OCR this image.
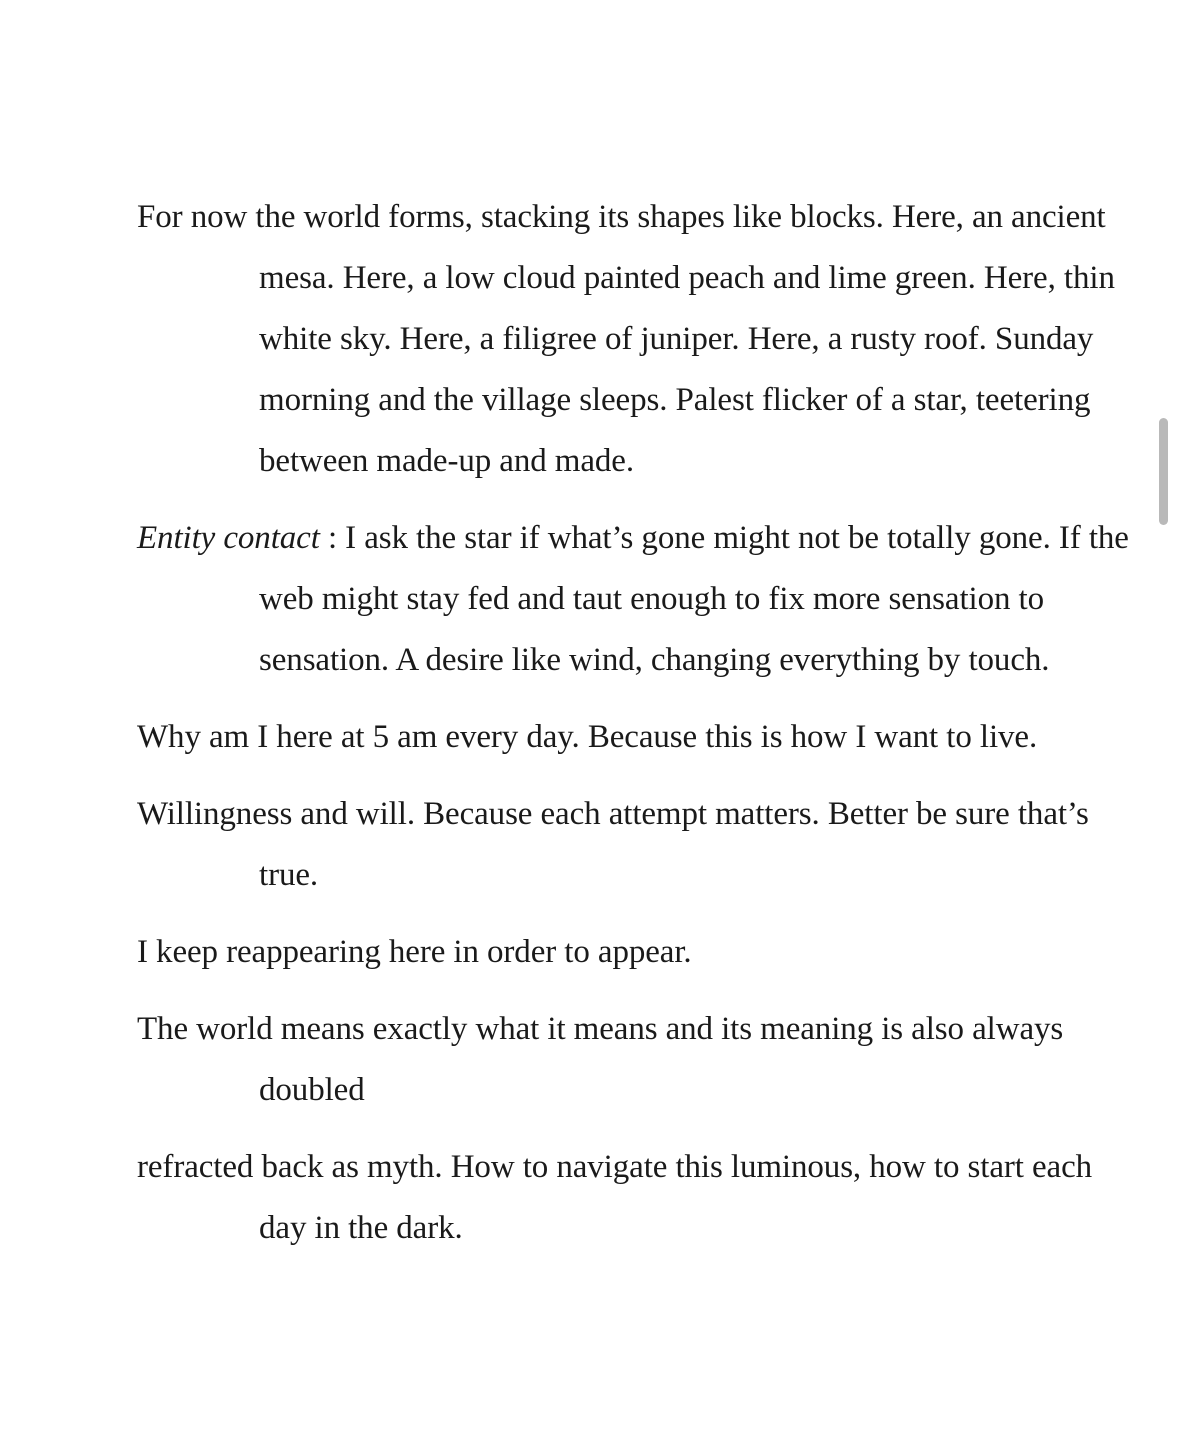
For now the world forms, stacking its shapes like blocks. Here, an ancient mesa. Here, a low cloud painted peach and lime green. Here, thin white sky. Here, a filigree of juniper. Here, a rusty roof. Sunday morning and the village sleeps. Palest flicker of a star, teetering between made-up and made.

Entity contact : I ask the star if what’s gone might not be totally gone. If the web might stay fed and taut enough to fix more sensation to sensation. A desire like wind, changing everything by touch.

Why am I here at 5 am every day. Because this is how I want to live.

Willingness and will. Because each attempt matters. Better be sure that’s true.

I keep reappearing here in order to appear.

The world means exactly what it means and its meaning is also always doubled

refracted back as myth. How to navigate this luminous, how to start each day in the dark.
